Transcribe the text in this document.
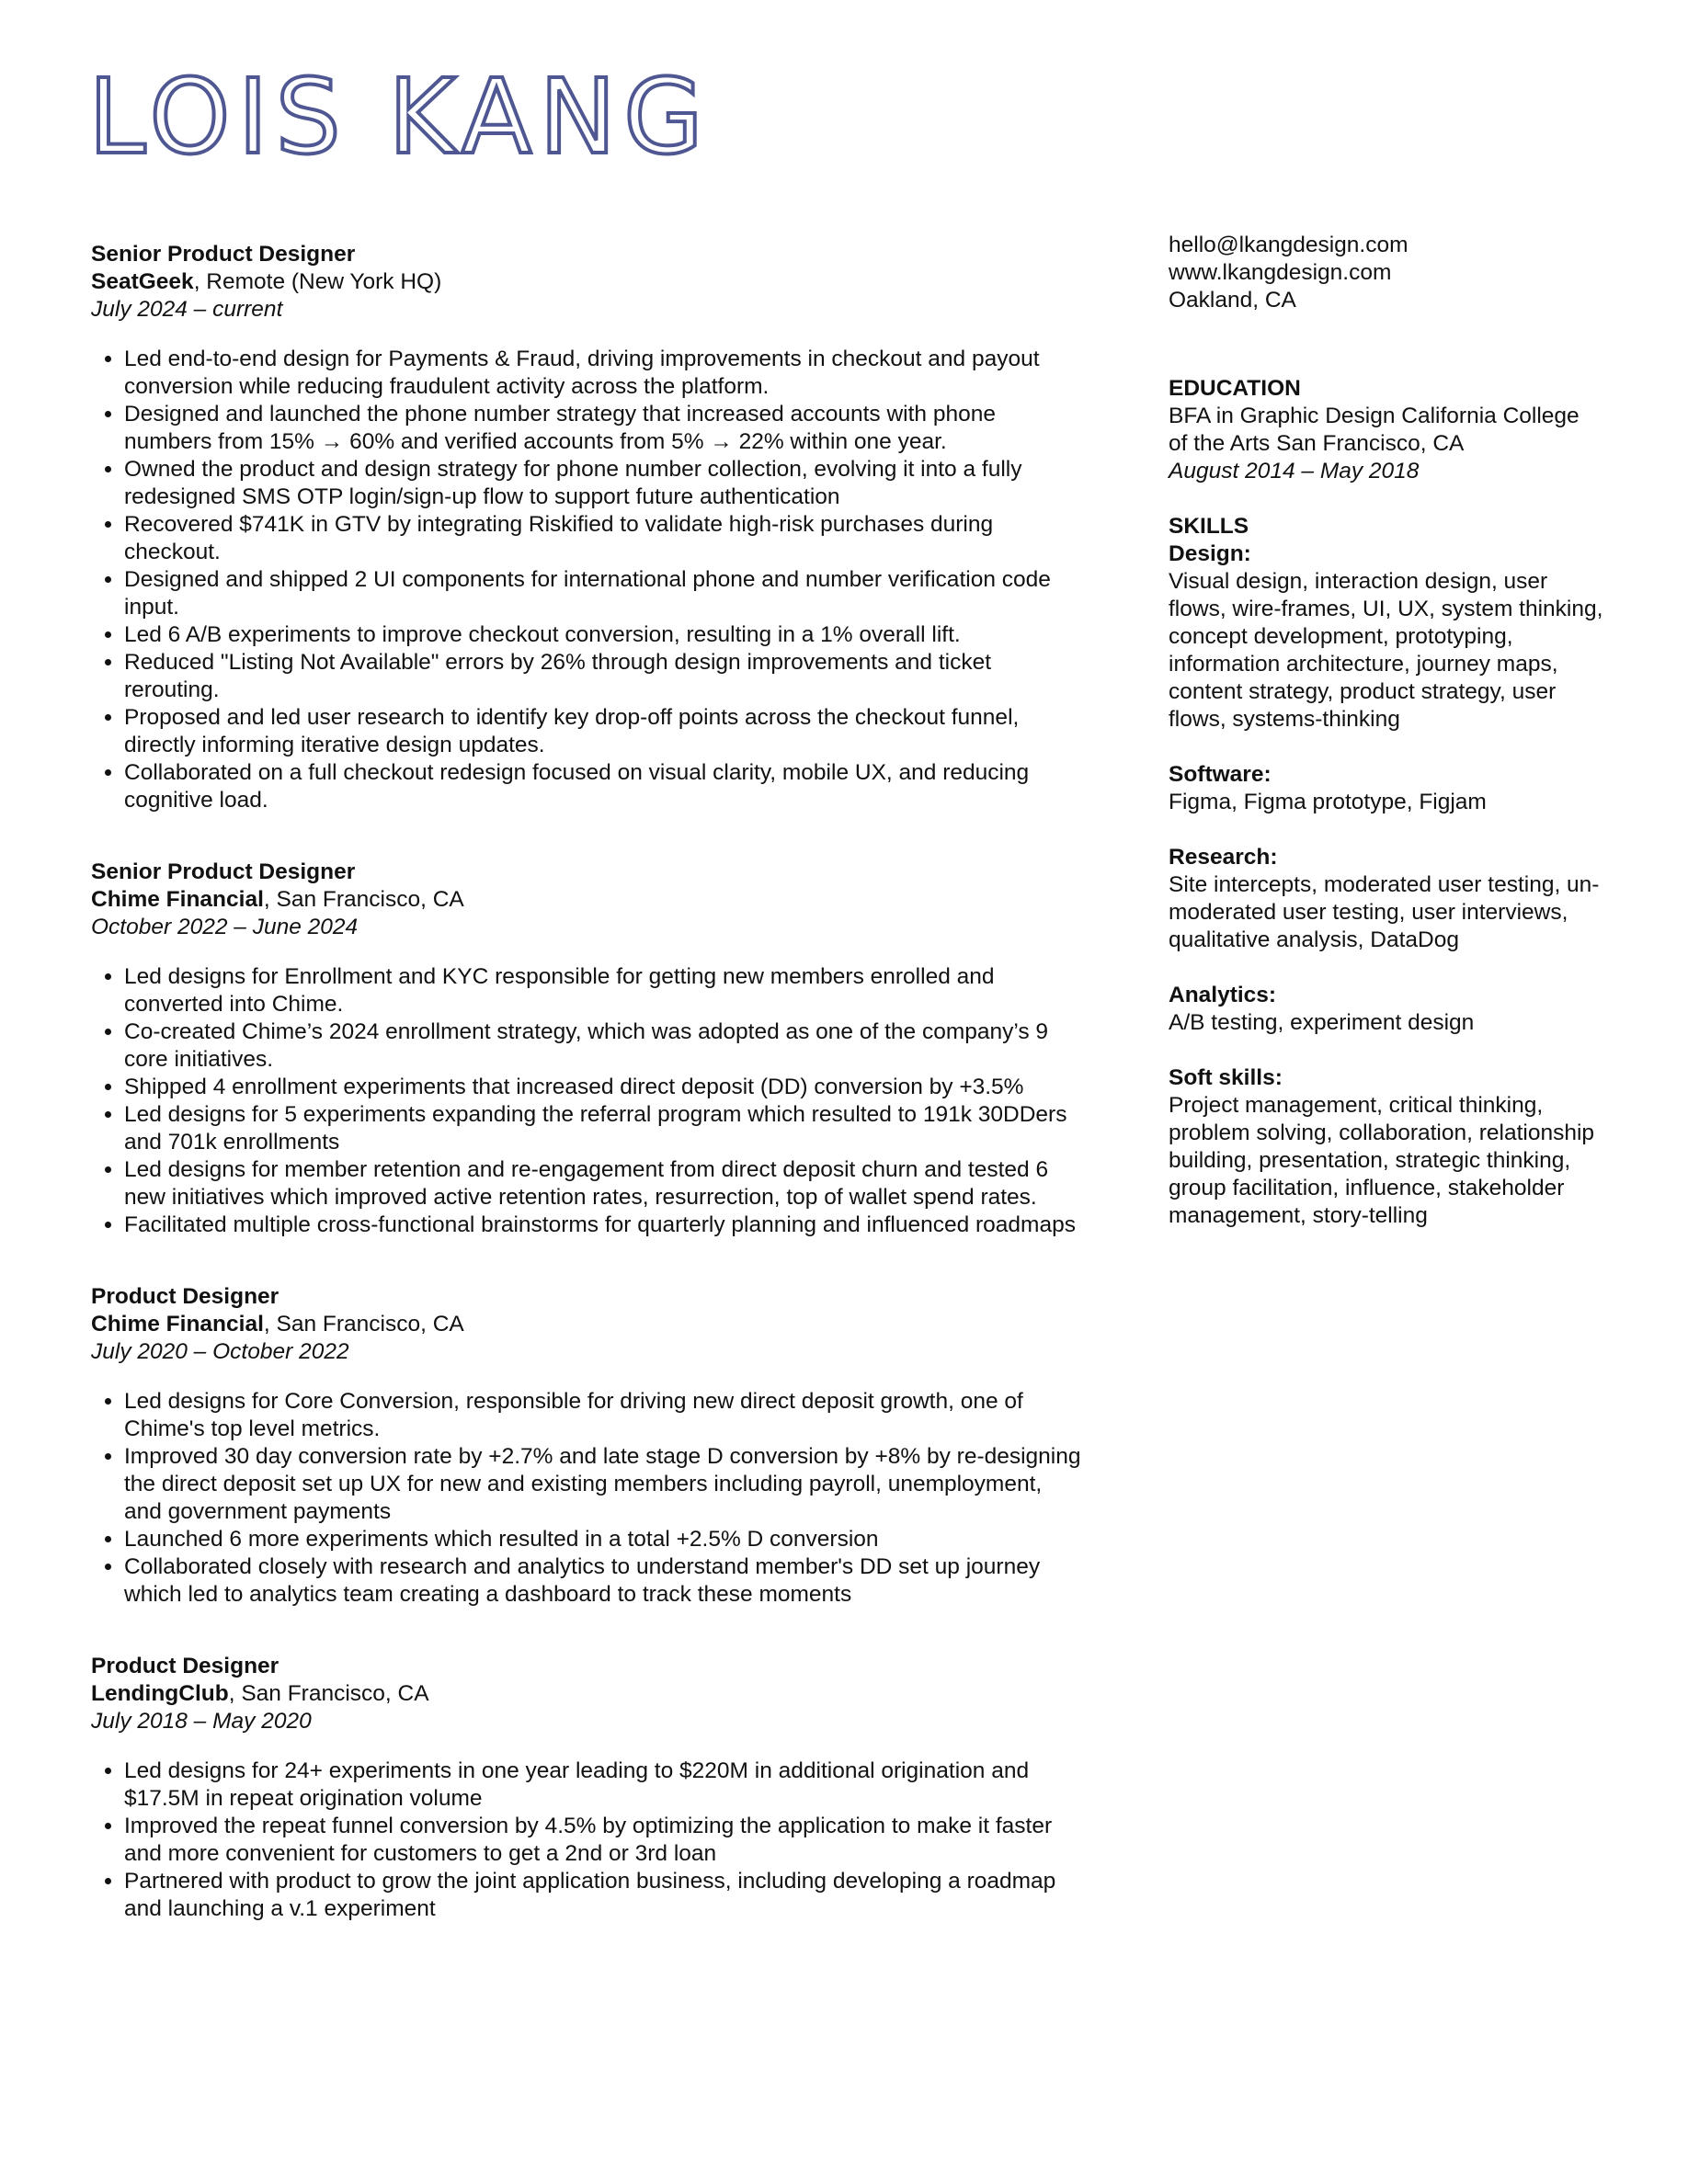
LOIS KANG
Senior Product Designer
SeatGeek, Remote (New York HQ)
July 2024 – current
• Led end-to-end design for Payments & Fraud, driving improvements in checkout and payout conversion while reducing fraudulent activity across the platform.
• Designed and launched the phone number strategy that increased accounts with phone numbers from 15% → 60% and verified accounts from 5% → 22% within one year.
• Owned the product and design strategy for phone number collection, evolving it into a fully redesigned SMS OTP login/sign-up flow to support future authentication
• Recovered $741K in GTV by integrating Riskified to validate high-risk purchases during checkout.
• Designed and shipped 2 UI components for international phone and number verification code input.
• Led 6 A/B experiments to improve checkout conversion, resulting in a 1% overall lift.
• Reduced "Listing Not Available" errors by 26% through design improvements and ticket rerouting.
• Proposed and led user research to identify key drop-off points across the checkout funnel, directly informing iterative design updates.
• Collaborated on a full checkout redesign focused on visual clarity, mobile UX, and reducing cognitive load.
Senior Product Designer
Chime Financial, San Francisco, CA
October 2022 – June 2024
• Led designs for Enrollment and KYC responsible for getting new members enrolled and converted into Chime.
• Co-created Chime’s 2024 enrollment strategy, which was adopted as one of the company’s 9 core initiatives.
• Shipped 4 enrollment experiments that increased direct deposit (DD) conversion by +3.5%
• Led designs for 5 experiments expanding the referral program which resulted to 191k 30DDers and 701k enrollments
• Led designs for member retention and re-engagement from direct deposit churn and tested 6 new initiatives which improved active retention rates, resurrection, top of wallet spend rates.
• Facilitated multiple cross-functional brainstorms for quarterly planning and influenced roadmaps
Product Designer
Chime Financial, San Francisco, CA
July 2020 – October 2022
• Led designs for Core Conversion, responsible for driving new direct deposit growth, one of Chime's top level metrics.
• Improved 30 day conversion rate by +2.7% and late stage D conversion by +8% by re-designing the direct deposit set up UX for new and existing members including payroll, unemployment, and government payments
• Launched 6 more experiments which resulted in a total +2.5% D conversion
• Collaborated closely with research and analytics to understand member's DD set up journey which led to analytics team creating a dashboard to track these moments
Product Designer
LendingClub, San Francisco, CA
July 2018 – May 2020
• Led designs for 24+ experiments in one year leading to $220M in additional origination and $17.5M in repeat origination volume
• Improved the repeat funnel conversion by 4.5% by optimizing the application to make it faster and more convenient for customers to get a 2nd or 3rd loan
• Partnered with product to grow the joint application business, including developing a roadmap and launching a v.1 experiment
hello@lkangdesign.com
www.lkangdesign.com
Oakland, CA
EDUCATION
BFA in Graphic Design California College
of the Arts San Francisco, CA
August 2014 – May 2018
SKILLS
Design:
Visual design, interaction design, user flows, wire-frames, UI, UX, system thinking, concept development, prototyping, information architecture, journey maps, content strategy, product strategy, user flows, systems-thinking
Software:
Figma, Figma prototype, Figjam
Research:
Site intercepts, moderated user testing, un-moderated user testing, user interviews, qualitative analysis, DataDog
Analytics:
A/B testing, experiment design
Soft skills:
Project management, critical thinking, problem solving, collaboration, relationship building, presentation, strategic thinking, group facilitation, influence, stakeholder management, story-telling
